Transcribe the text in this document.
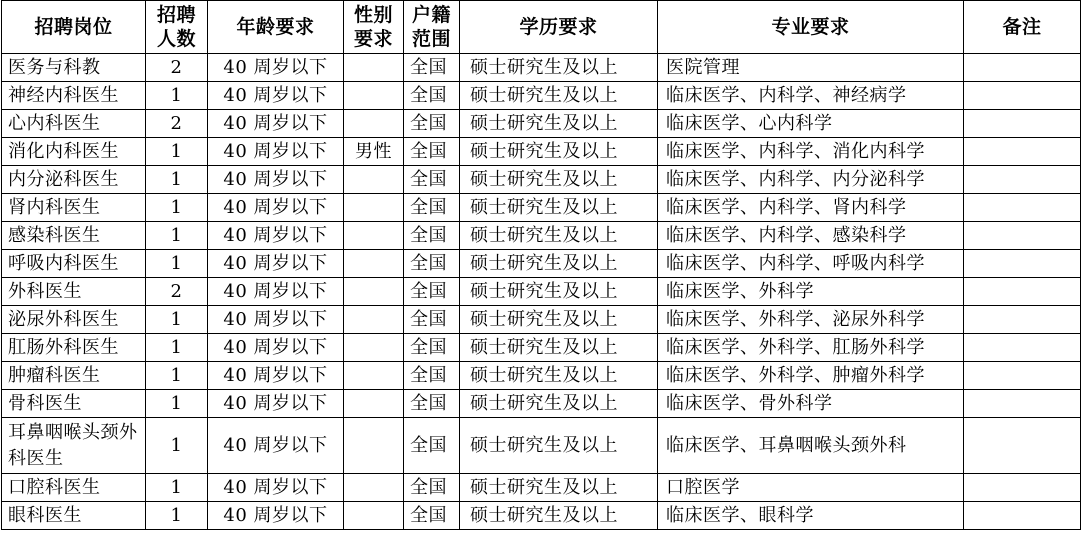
招聘岗位	招聘人数	年龄要求	性别要求	户籍范围	学历要求	专业要求	备注
医务与科教	2	40 周岁以下		全国	硕士研究生及以上	医院管理	
神经内科医生	1	40 周岁以下		全国	硕士研究生及以上	临床医学、内科学、神经病学	
心内科医生	2	40 周岁以下		全国	硕士研究生及以上	临床医学、心内科学	
消化内科医生	1	40 周岁以下	男性	全国	硕士研究生及以上	临床医学、内科学、消化内科学	
内分泌科医生	1	40 周岁以下		全国	硕士研究生及以上	临床医学、内科学、内分泌科学	
肾内科医生	1	40 周岁以下		全国	硕士研究生及以上	临床医学、内科学、肾内科学	
感染科医生	1	40 周岁以下		全国	硕士研究生及以上	临床医学、内科学、感染科学	
呼吸内科医生	1	40 周岁以下		全国	硕士研究生及以上	临床医学、内科学、呼吸内科学	
外科医生	2	40 周岁以下		全国	硕士研究生及以上	临床医学、外科学	
泌尿外科医生	1	40 周岁以下		全国	硕士研究生及以上	临床医学、外科学、泌尿外科学	
肛肠外科医生	1	40 周岁以下		全国	硕士研究生及以上	临床医学、外科学、肛肠外科学	
肿瘤科医生	1	40 周岁以下		全国	硕士研究生及以上	临床医学、外科学、肿瘤外科学	
骨科医生	1	40 周岁以下		全国	硕士研究生及以上	临床医学、骨外科学	
耳鼻咽喉头颈外科医生	1	40 周岁以下		全国	硕士研究生及以上	临床医学、耳鼻咽喉头颈外科	
口腔科医生	1	40 周岁以下		全国	硕士研究生及以上	口腔医学	
眼科医生	1	40 周岁以下		全国	硕士研究生及以上	临床医学、眼科学	
